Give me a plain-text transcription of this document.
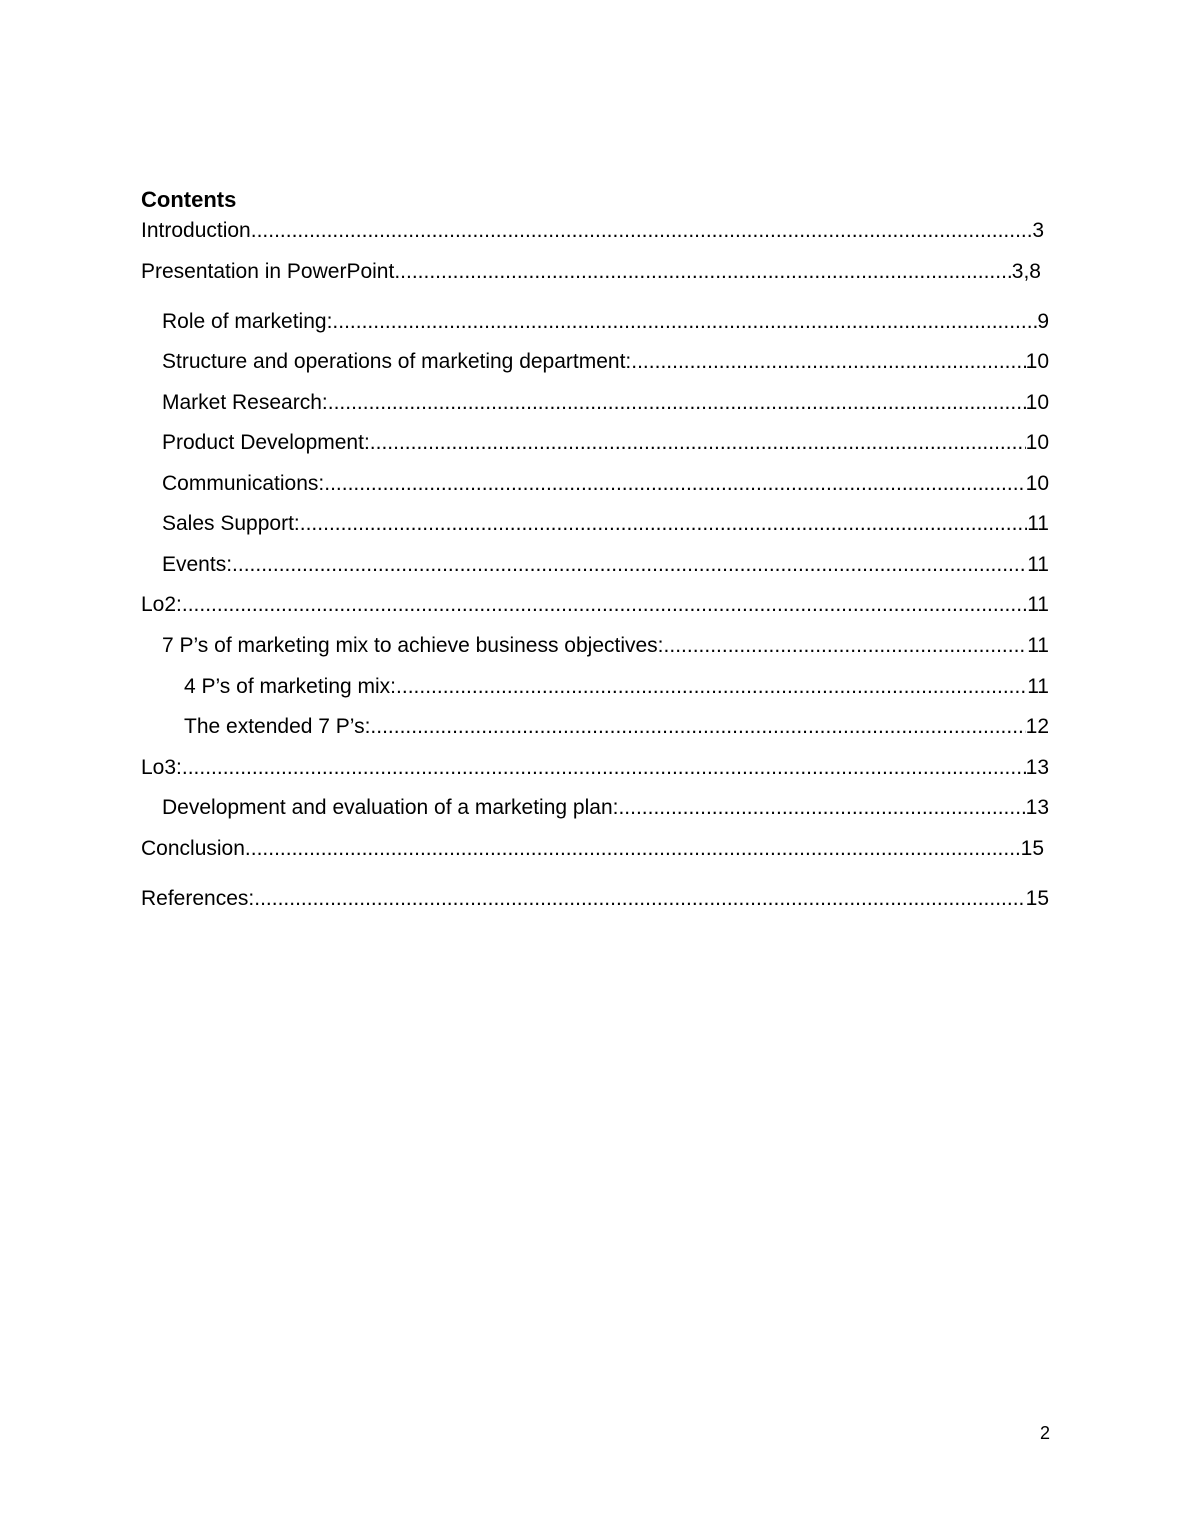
Contents
Introduction .....	3
Presentation in PowerPoint .....	3,8
Role of marketing: .....	9
Structure and operations of marketing department: .....	10
Market Research: .....	10
Product Development: .....	10
Communications: .....	10
Sales Support: .....	11
Events: .....	11
Lo2: .....	11
7 P’s of marketing mix to achieve business objectives: .....	11
4 P’s of marketing mix: .....	11
The extended 7 P’s: .....	12
Lo3: .....	13
Development and evaluation of a marketing plan: .....	13
Conclusion .....	15
References: .....	15
2
